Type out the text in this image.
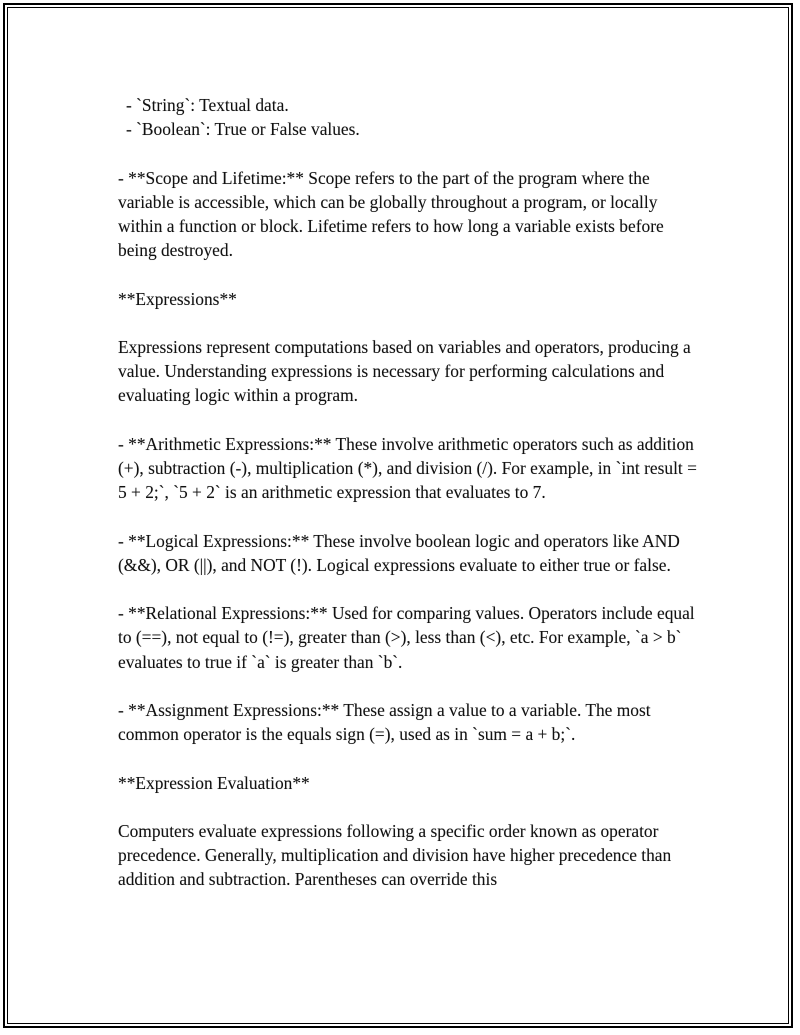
- `String`: Textual data.

- `Boolean`: True or False values.

- **Scope and Lifetime:** Scope refers to the part of the program where the variable is accessible, which can be globally throughout a program, or locally within a function or block. Lifetime refers to how long a variable exists before being destroyed.

**Expressions**

Expressions represent computations based on variables and operators, producing a value. Understanding expressions is necessary for performing calculations and evaluating logic within a program.

- **Arithmetic Expressions:** These involve arithmetic operators such as addition (+), subtraction (-), multiplication (*), and division (/). For example, in `int result = 5 + 2;`, `5 + 2` is an arithmetic expression that evaluates to 7.

- **Logical Expressions:** These involve boolean logic and operators like AND (&&), OR (||), and NOT (!). Logical expressions evaluate to either true or false.

- **Relational Expressions:** Used for comparing values. Operators include equal to (==), not equal to (!=), greater than (>), less than (<), etc. For example, `a > b` evaluates to true if `a` is greater than `b`.

- **Assignment Expressions:** These assign a value to a variable. The most common operator is the equals sign (=), used as in `sum = a + b;`.

**Expression Evaluation**

Computers evaluate expressions following a specific order known as operator precedence. Generally, multiplication and division have higher precedence than addition and subtraction. Parentheses can override this
